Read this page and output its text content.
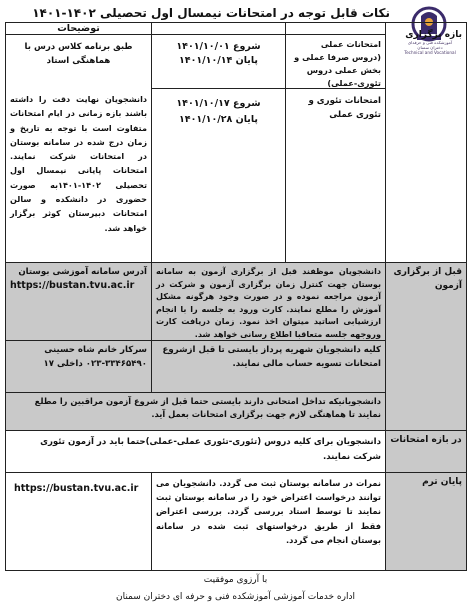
آموزشکده فنی و حرفه‌ای
دختران سمنان
Technical and Vocational
نکات قابل توجه در امتحانات نیمسال اول تحصیلی ۱۴۰۲-۱۴۰۱
توضیحات
بازه برگزاری
امتحانات عملی (دروس صرفا عملی و بخش عملی دروس تئوری-عملی)
شروع ۱۴۰۱/۱۰/۰۱
پایان ۱۴۰۱/۱۰/۱۴
طبق برنامه کلاس درس با هماهنگی استاد
امتحانات تئوری و تئوری عملی
شروع ۱۴۰۱/۱۰/۱۷
پایان ۱۴۰۱/۱۰/۲۸
دانشجویان نهایت دقت را داشته باشند بازه زمانی در ایام امتحانات متفاوت است با توجه به تاریخ و زمان درج شده در سامانه بوستان در امتحانات شرکت نمایند. امتحانات پایانی نیمسال اول تحصیلی ۱۴۰۲-۱۴۰۱به صورت حضوری در دانشکده و سالن امتحانات دبیرستان کوثر برگزار خواهد شد.
قبل از برگزاری آزمون
دانشجویان موظفند قبل از برگزاری آزمون به سامانه بوستان جهت کنترل زمان برگزاری آزمون و شرکت در آزمون مراجعه نموده و در صورت وجود هرگونه مشکل آموزش را مطلع نمایند. کارت ورود به جلسه را با انجام ارزشیابی اساتید میتوان اخذ نمود. زمان دریافت کارت وروجهه جلسه متعاقبا اطلاع رسانی خواهد شد.
آدرس سامانه آموزشی بوستان
https://bustan.tvu.ac.ir
کلیه دانشجویان شهریه پرداز بایستی تا قبل ازشروع امتحانات تسویه حساب مالی نمایند.
سرکار خانم شاه حسینی
۰۲۳-۳۳۴۶۵۴۹۰ داخلی ۱۷
دانشجویانیکه تداخل امتحانی دارند بایستی حتما قبل از شروع آزمون مراقبین را مطلع نمایند تا هماهنگی لازم جهت برگزاری امتحانات بعمل آید.
در بازه امتحانات
دانشجویان برای کلیه دروس (تئوری-تئوری عملی-عملی)حتما باید در آزمون تئوری شرکت نمایند.
پایان ترم
نمرات در سامانه بوستان ثبت می گردد. دانشجویان می توانند درخواست اعتراض خود را در سامانه بوستان ثبت نمایند تا توسط استاد بررسی گردد. بررسی اعتراض فقط از طریق درخواستهای ثبت شده در سامانه بوستان انجام می گردد.
https://bustan.tvu.ac.ir
با آرزوی موفقیت
اداره خدمات آموزشی آموزشکده فنی و حرفه ای دختران سمنان
